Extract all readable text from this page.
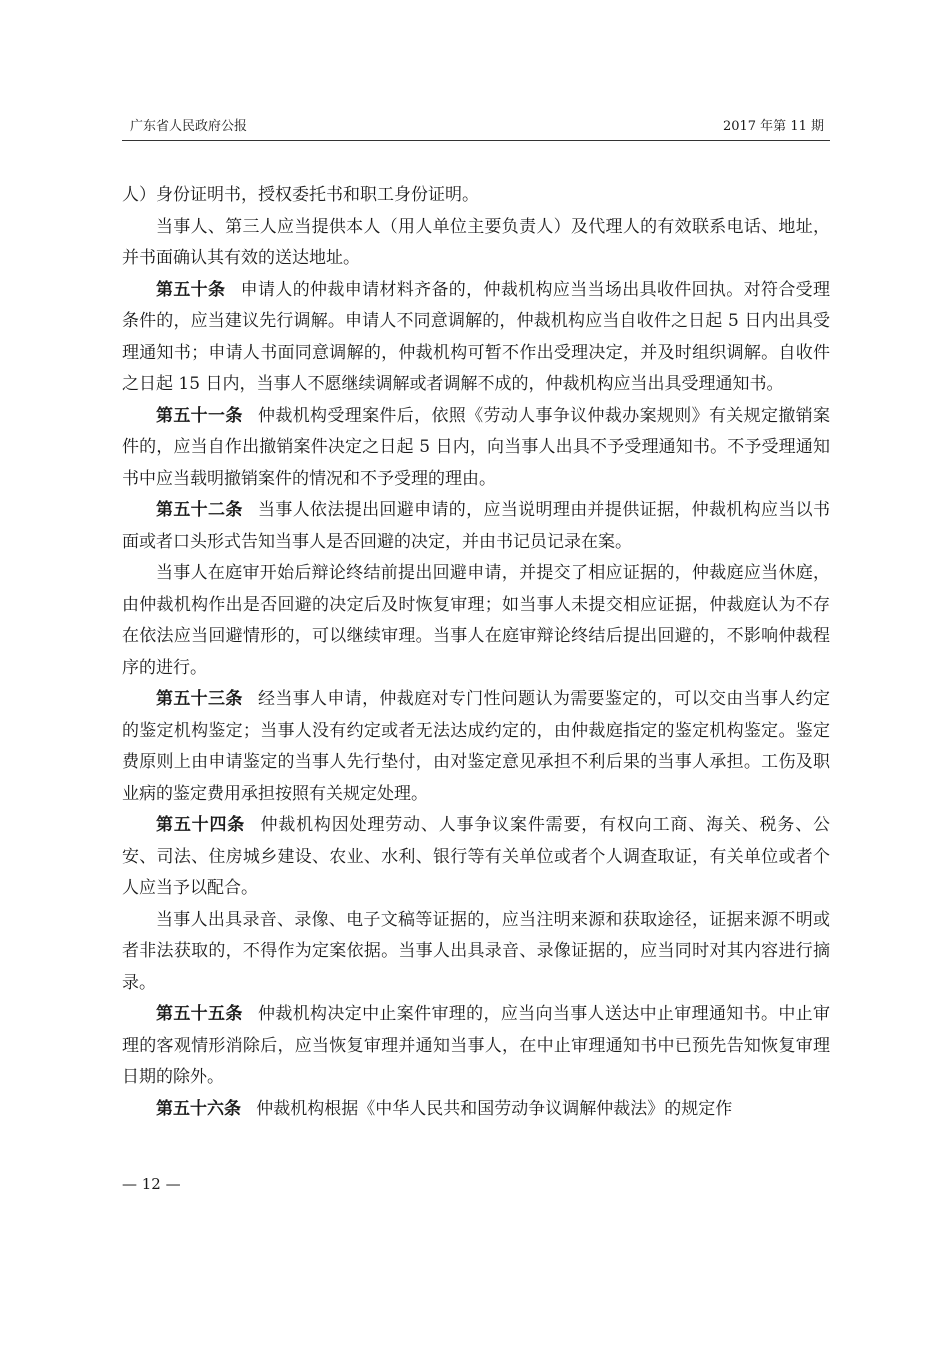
广东省人民政府公报	2017 年第 11 期

人）身份证明书，授权委托书和职工身份证明。

当事人、第三人应当提供本人（用人单位主要负责人）及代理人的有效联系电话、地址，并书面确认其有效的送达地址。

第五十条 申请人的仲裁申请材料齐备的，仲裁机构应当当场出具收件回执。对符合受理条件的，应当建议先行调解。申请人不同意调解的，仲裁机构应当自收件之日起 5 日内出具受理通知书；申请人书面同意调解的，仲裁机构可暂不作出受理决定，并及时组织调解。自收件之日起 15 日内，当事人不愿继续调解或者调解不成的，仲裁机构应当出具受理通知书。

第五十一条 仲裁机构受理案件后，依照《劳动人事争议仲裁办案规则》有关规定撤销案件的，应当自作出撤销案件决定之日起 5 日内，向当事人出具不予受理通知书。不予受理通知书中应当载明撤销案件的情况和不予受理的理由。

第五十二条 当事人依法提出回避申请的，应当说明理由并提供证据，仲裁机构应当以书面或者口头形式告知当事人是否回避的决定，并由书记员记录在案。

当事人在庭审开始后辩论终结前提出回避申请，并提交了相应证据的，仲裁庭应当休庭，由仲裁机构作出是否回避的决定后及时恢复审理；如当事人未提交相应证据，仲裁庭认为不存在依法应当回避情形的，可以继续审理。当事人在庭审辩论终结后提出回避的，不影响仲裁程序的进行。

第五十三条 经当事人申请，仲裁庭对专门性问题认为需要鉴定的，可以交由当事人约定的鉴定机构鉴定；当事人没有约定或者无法达成约定的，由仲裁庭指定的鉴定机构鉴定。鉴定费原则上由申请鉴定的当事人先行垫付，由对鉴定意见承担不利后果的当事人承担。工伤及职业病的鉴定费用承担按照有关规定处理。

第五十四条 仲裁机构因处理劳动、人事争议案件需要，有权向工商、海关、税务、公安、司法、住房城乡建设、农业、水利、银行等有关单位或者个人调查取证，有关单位或者个人应当予以配合。

当事人出具录音、录像、电子文稿等证据的，应当注明来源和获取途径，证据来源不明或者非法获取的，不得作为定案依据。当事人出具录音、录像证据的，应当同时对其内容进行摘录。

第五十五条 仲裁机构决定中止案件审理的，应当向当事人送达中止审理通知书。中止审理的客观情形消除后，应当恢复审理并通知当事人，在中止审理通知书中已预先告知恢复审理日期的除外。

第五十六条 仲裁机构根据《中华人民共和国劳动争议调解仲裁法》的规定作

— 12 —
